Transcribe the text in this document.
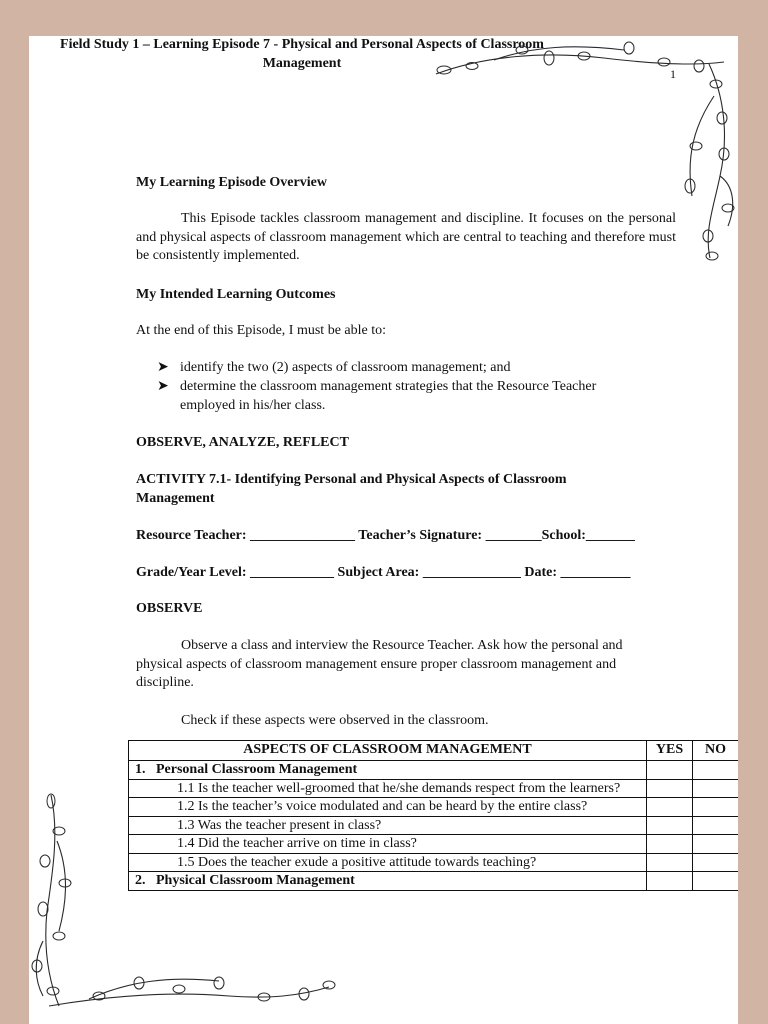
1
Field Study 1 – Learning Episode 7 - Physical and Personal Aspects of Classroom Management
My Learning Episode Overview
This Episode tackles classroom management and discipline. It focuses on the personal and physical aspects of classroom management which are central to teaching and therefore must be consistently implemented.
My Intended Learning Outcomes
At the end of this Episode, I must be able to:
➤ identify the two (2) aspects of classroom management; and
➤ determine the classroom management strategies that the Resource Teacher employed in his/her class.
OBSERVE, ANALYZE, REFLECT
ACTIVITY 7.1- Identifying Personal and Physical Aspects of Classroom Management
Resource Teacher: _______________ Teacher’s Signature: ________School:_______
Grade/Year Level: ____________ Subject Area: ______________ Date: __________
OBSERVE
Observe a class and interview the Resource Teacher. Ask how the personal and physical aspects of classroom management ensure proper classroom management and discipline.
Check if these aspects were observed in the classroom.
ASPECTS OF CLASSROOM MANAGEMENT	YES	NO
1. Personal Classroom Management		
1.1 Is the teacher well-groomed that he/she demands respect from the learners?		
1.2 Is the teacher’s voice modulated and can be heard by the entire class?		
1.3 Was the teacher present in class?		
1.4 Did the teacher arrive on time in class?		
1.5 Does the teacher exude a positive attitude towards teaching?		
2. Physical Classroom Management		
